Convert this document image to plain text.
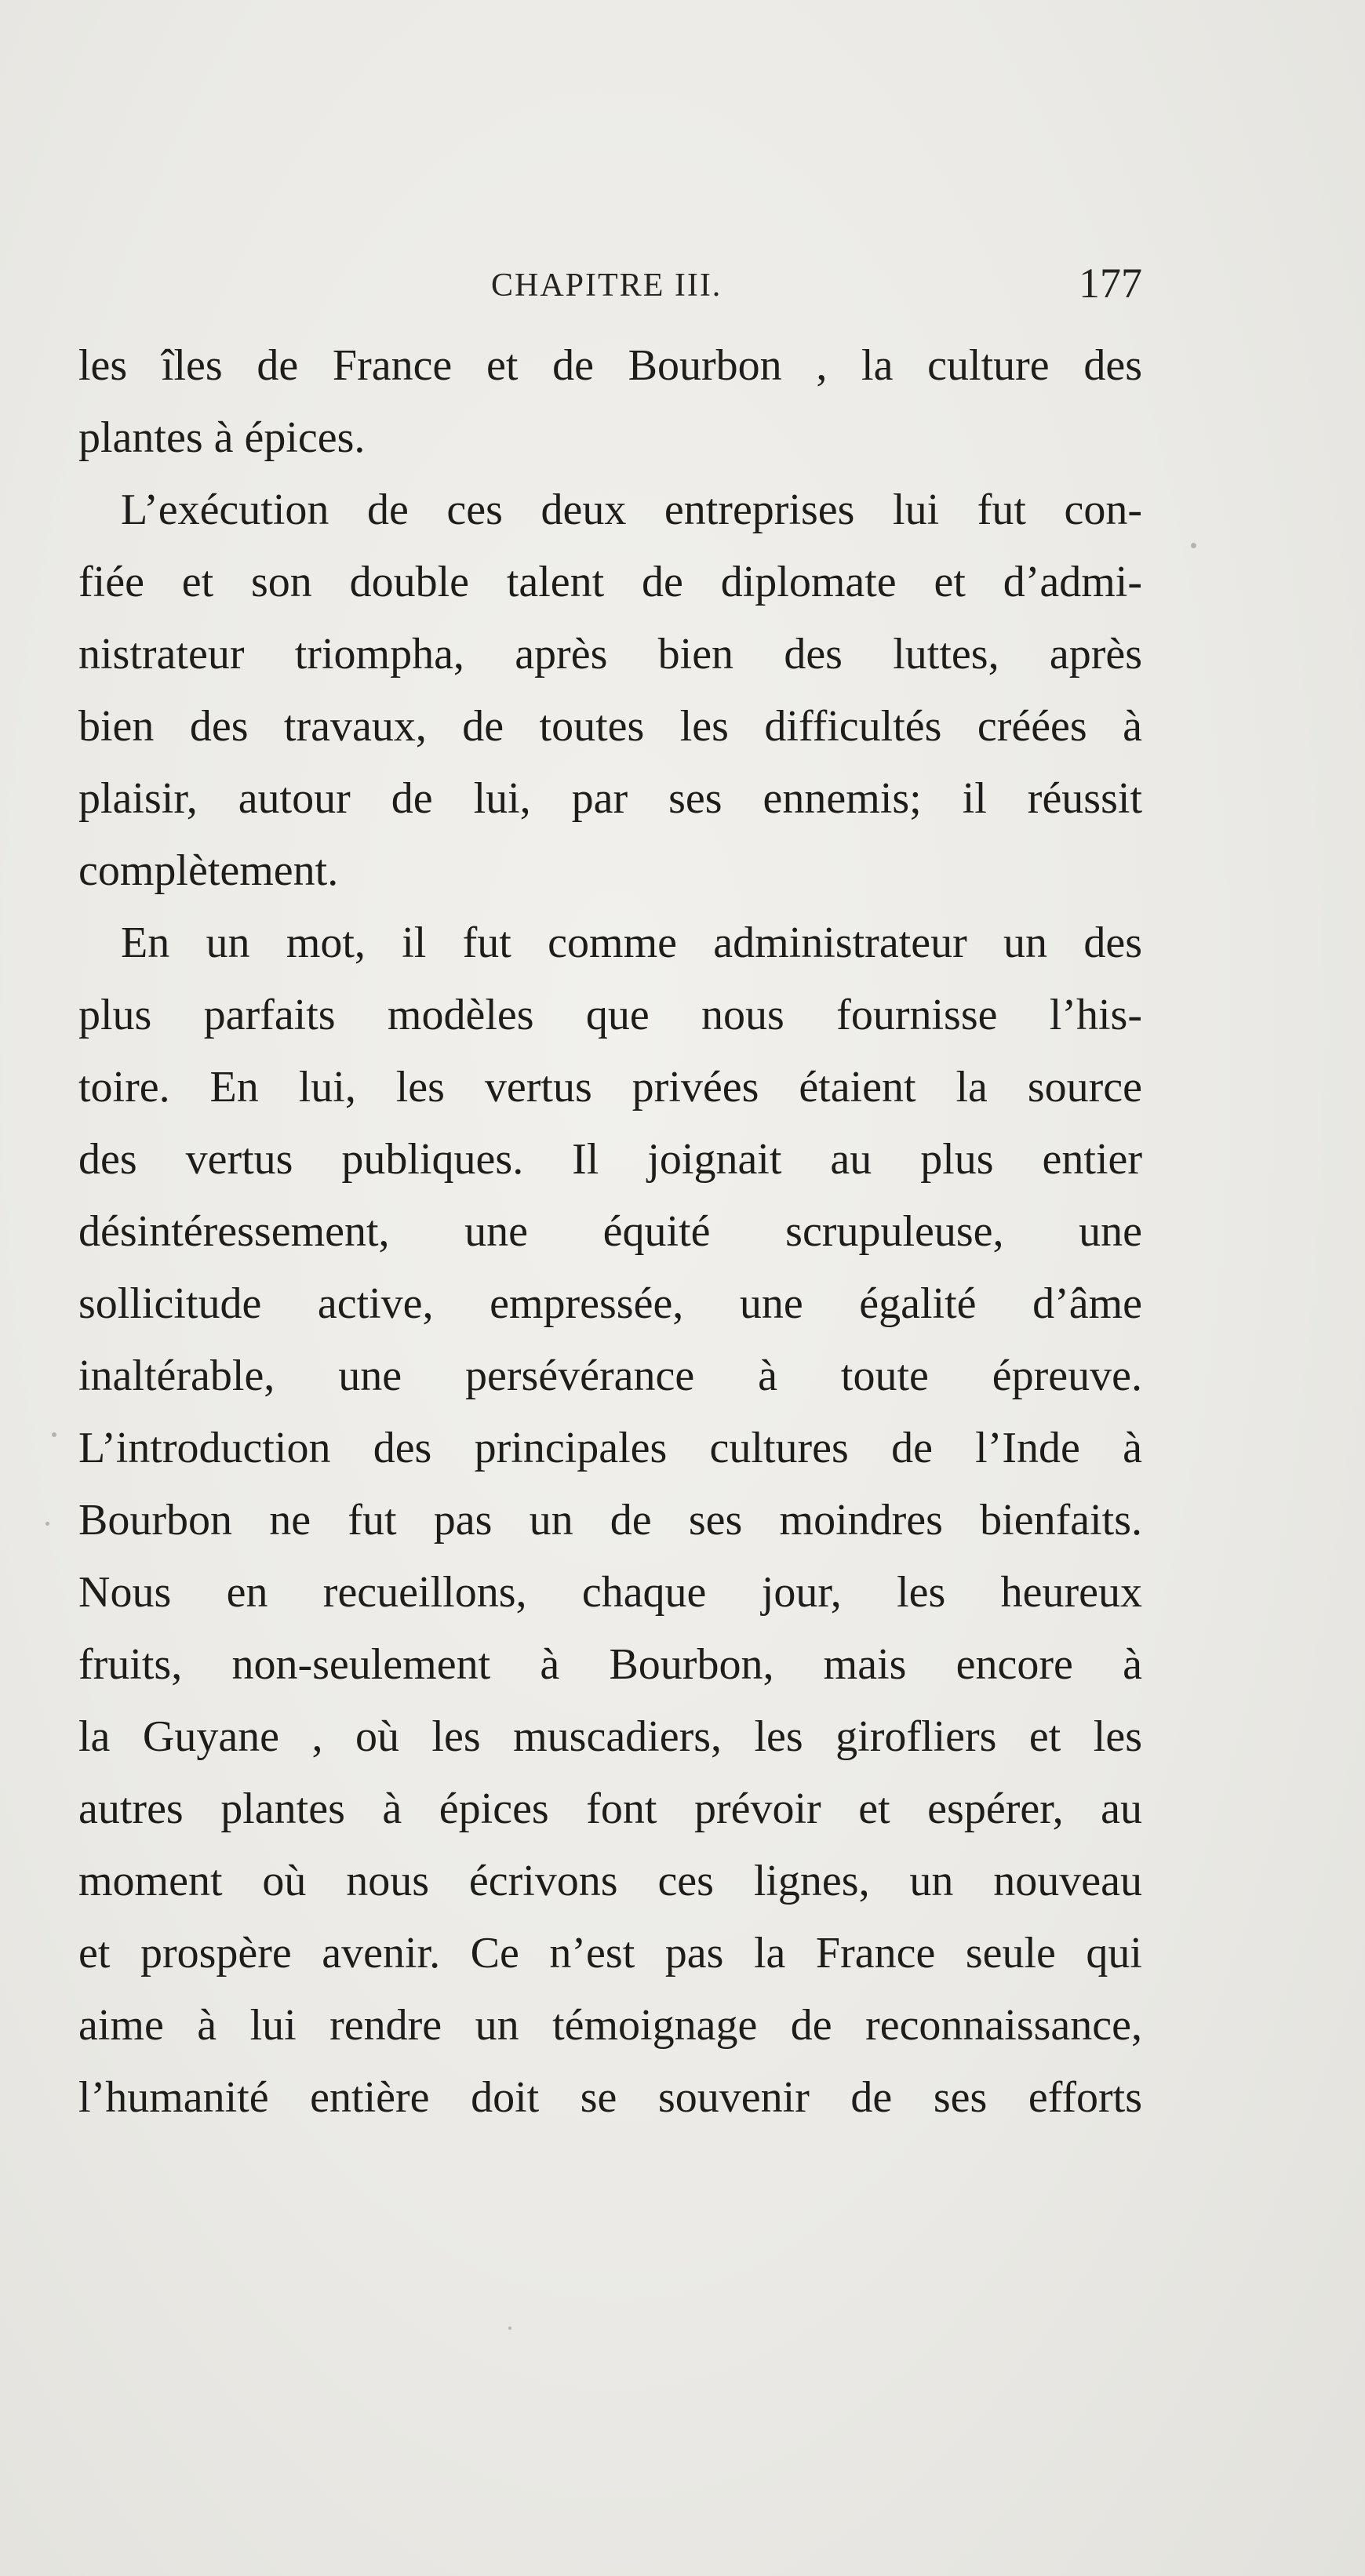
CHAPITRE III.	177
les îles de France et de Bourbon , la culture des
plantes à épices.
L’exécution de ces deux entreprises lui fut con-
fiée et son double talent de diplomate et d’admi-
nistrateur triompha, après bien des luttes, après
bien des travaux, de toutes les difficultés créées à
plaisir, autour de lui, par ses ennemis; il réussit
complètement.
En un mot, il fut comme administrateur un des
plus parfaits modèles que nous fournisse l’his-
toire. En lui, les vertus privées étaient la source
des vertus publiques. Il joignait au plus entier
désintéressement, une équité scrupuleuse, une
sollicitude active, empressée, une égalité d’âme
inaltérable, une persévérance à toute épreuve.
L’introduction des principales cultures de l’Inde à
Bourbon ne fut pas un de ses moindres bienfaits.
Nous en recueillons, chaque jour, les heureux
fruits, non-seulement à Bourbon, mais encore à
la Guyane , où les muscadiers, les girofliers et les
autres plantes à épices font prévoir et espérer, au
moment où nous écrivons ces lignes, un nouveau
et prospère avenir. Ce n’est pas la France seule qui
aime à lui rendre un témoignage de reconnaissance,
l’humanité entière doit se souvenir de ses efforts
